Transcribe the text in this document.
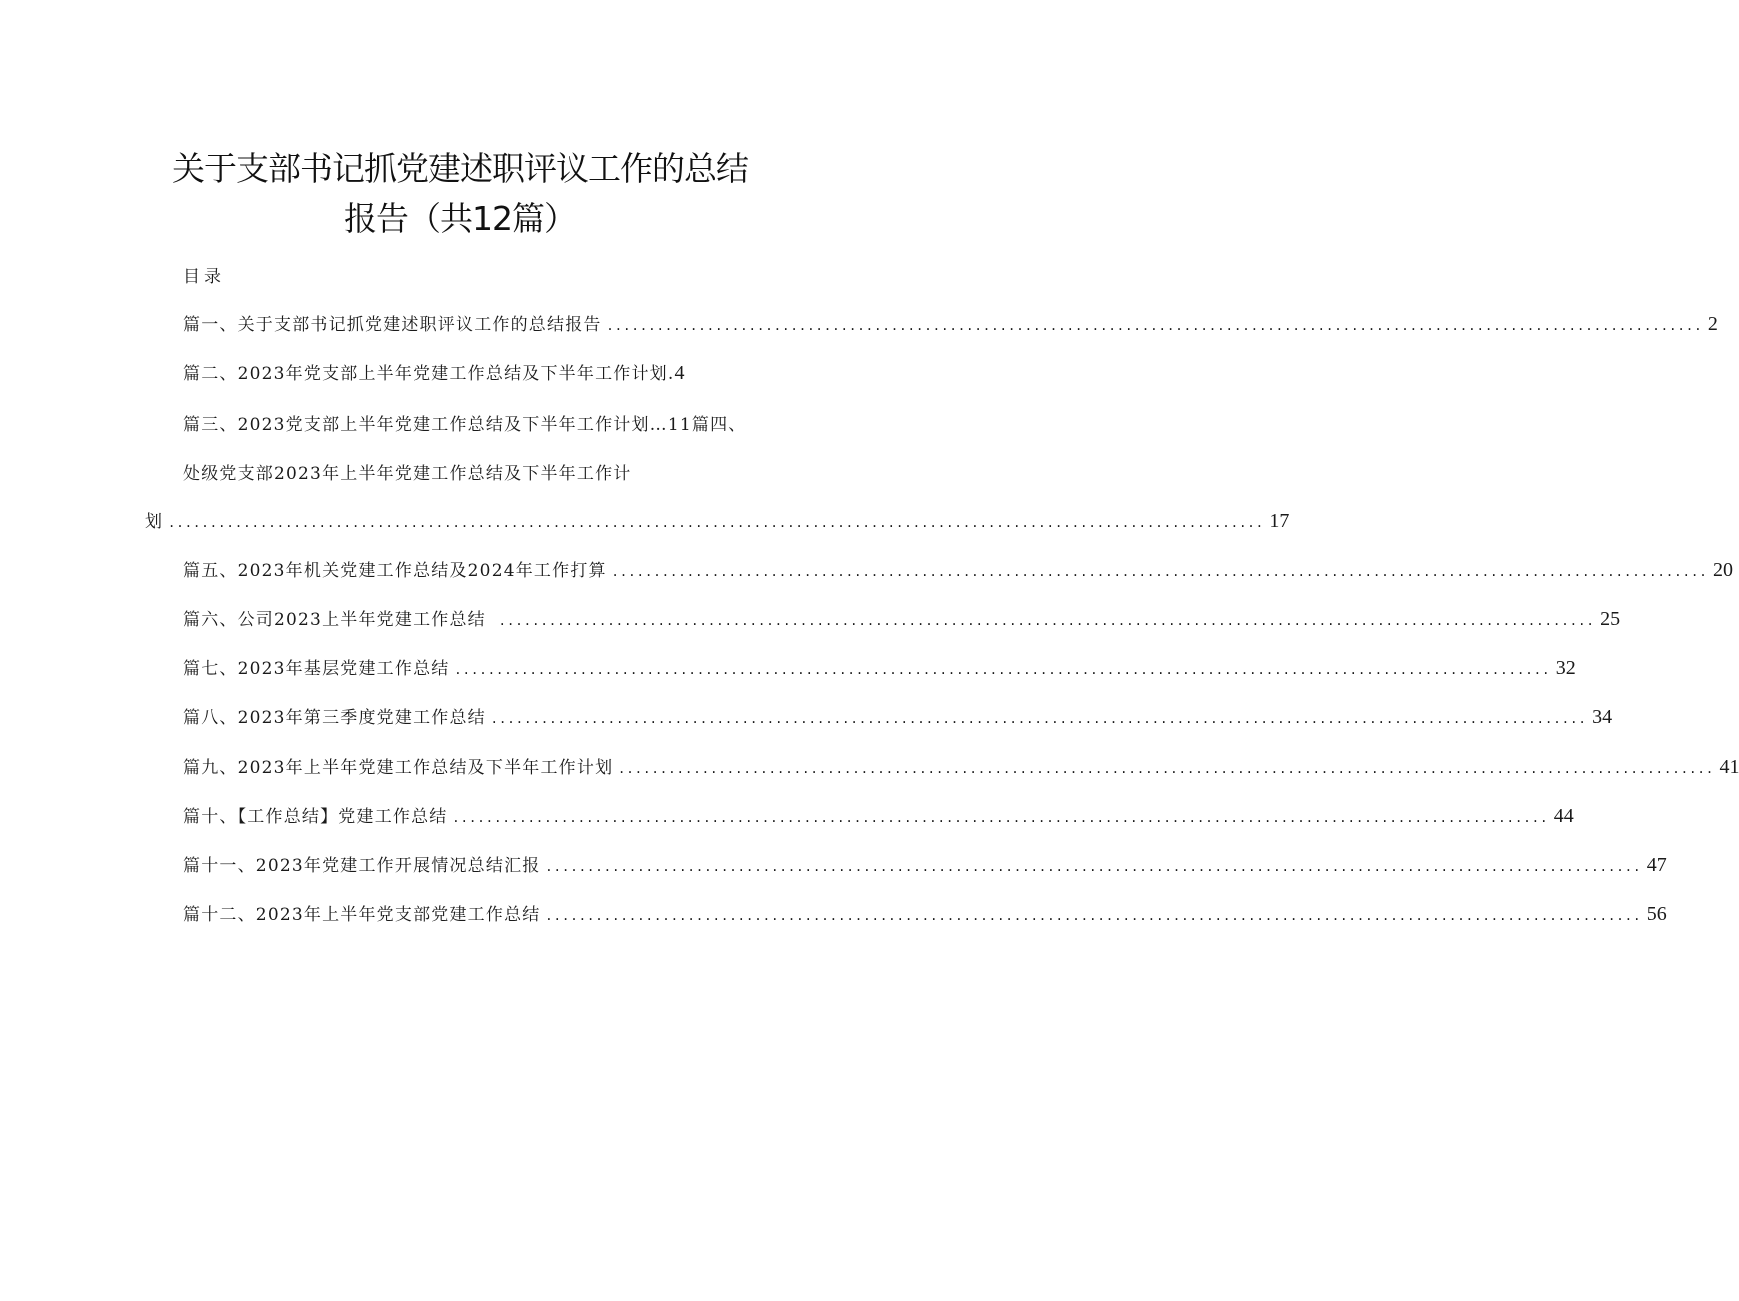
关于支部书记抓党建述职评议工作的总结
报告（共12篇）
目录
篇一、关于支部书记抓党建述职评议工作的总结报告 ................................................................................................................................... 2
篇二、2023年党支部上半年党建工作总结及下半年工作计划. 4
篇三、2023党支部上半年党建工作总结及下半年工作计划…11篇四、
处级党支部2023年上半年党建工作总结及下半年工作计
划 ................................................................................................................................... 17
篇五、2023年机关党建工作总结及2024年工作打算 ................................................................................................................................... 20
篇六、公司2023上半年党建工作总结 ................................................................................................................................... 25
篇七、2023年基层党建工作总结 ................................................................................................................................... 32
篇八、2023年第三季度党建工作总结 ................................................................................................................................... 34
篇九、2023年上半年党建工作总结及下半年工作计划 ................................................................................................................................... 41
篇十、【工作总结】党建工作总结 ................................................................................................................................... 44
篇十一、2023年党建工作开展情况总结汇报 ................................................................................................................................... 47
篇十二、2023年上半年党支部党建工作总结 ................................................................................................................................... 56
